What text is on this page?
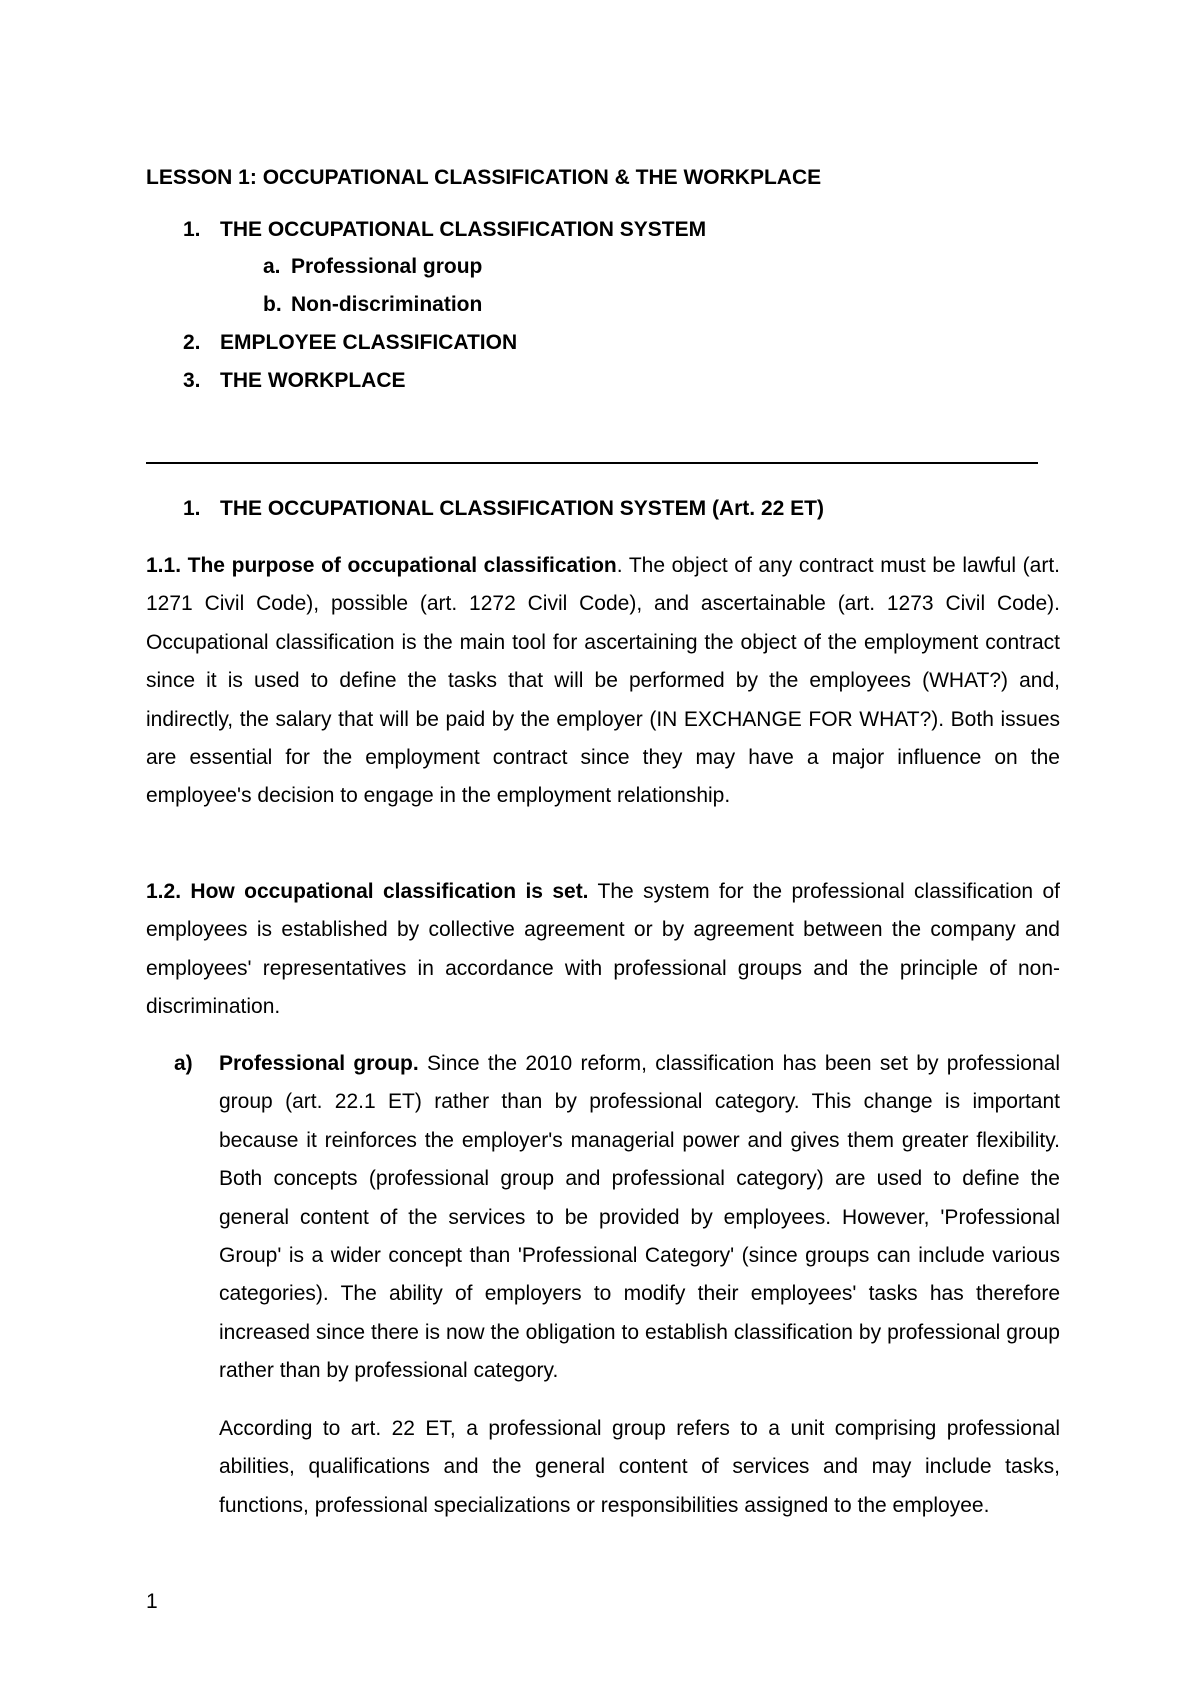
LESSON 1: OCCUPATIONAL CLASSIFICATION & THE WORKPLACE
1. THE OCCUPATIONAL CLASSIFICATION SYSTEM
a. Professional group
b. Non-discrimination
2. EMPLOYEE CLASSIFICATION
3. THE WORKPLACE
1. THE OCCUPATIONAL CLASSIFICATION SYSTEM (Art. 22 ET)

1.1. The purpose of occupational classification. The object of any contract must be lawful (art. 1271 Civil Code), possible (art. 1272 Civil Code), and ascertainable (art. 1273 Civil Code). Occupational classification is the main tool for ascertaining the object of the employment contract since it is used to define the tasks that will be performed by the employees (WHAT?) and, indirectly, the salary that will be paid by the employer (IN EXCHANGE FOR WHAT?). Both issues are essential for the employment contract since they may have a major influence on the employee's decision to engage in the employment relationship.

1.2. How occupational classification is set. The system for the professional classification of employees is established by collective agreement or by agreement between the company and employees' representatives in accordance with professional groups and the principle of non-discrimination.

a) Professional group. Since the 2010 reform, classification has been set by professional group (art. 22.1 ET) rather than by professional category. This change is important because it reinforces the employer's managerial power and gives them greater flexibility. Both concepts (professional group and professional category) are used to define the general content of the services to be provided by employees. However, 'Professional Group' is a wider concept than 'Professional Category' (since groups can include various categories). The ability of employers to modify their employees' tasks has therefore increased since there is now the obligation to establish classification by professional group rather than by professional category.

According to art. 22 ET, a professional group refers to a unit comprising professional abilities, qualifications and the general content of services and may include tasks, functions, professional specializations or responsibilities assigned to the employee.

1
